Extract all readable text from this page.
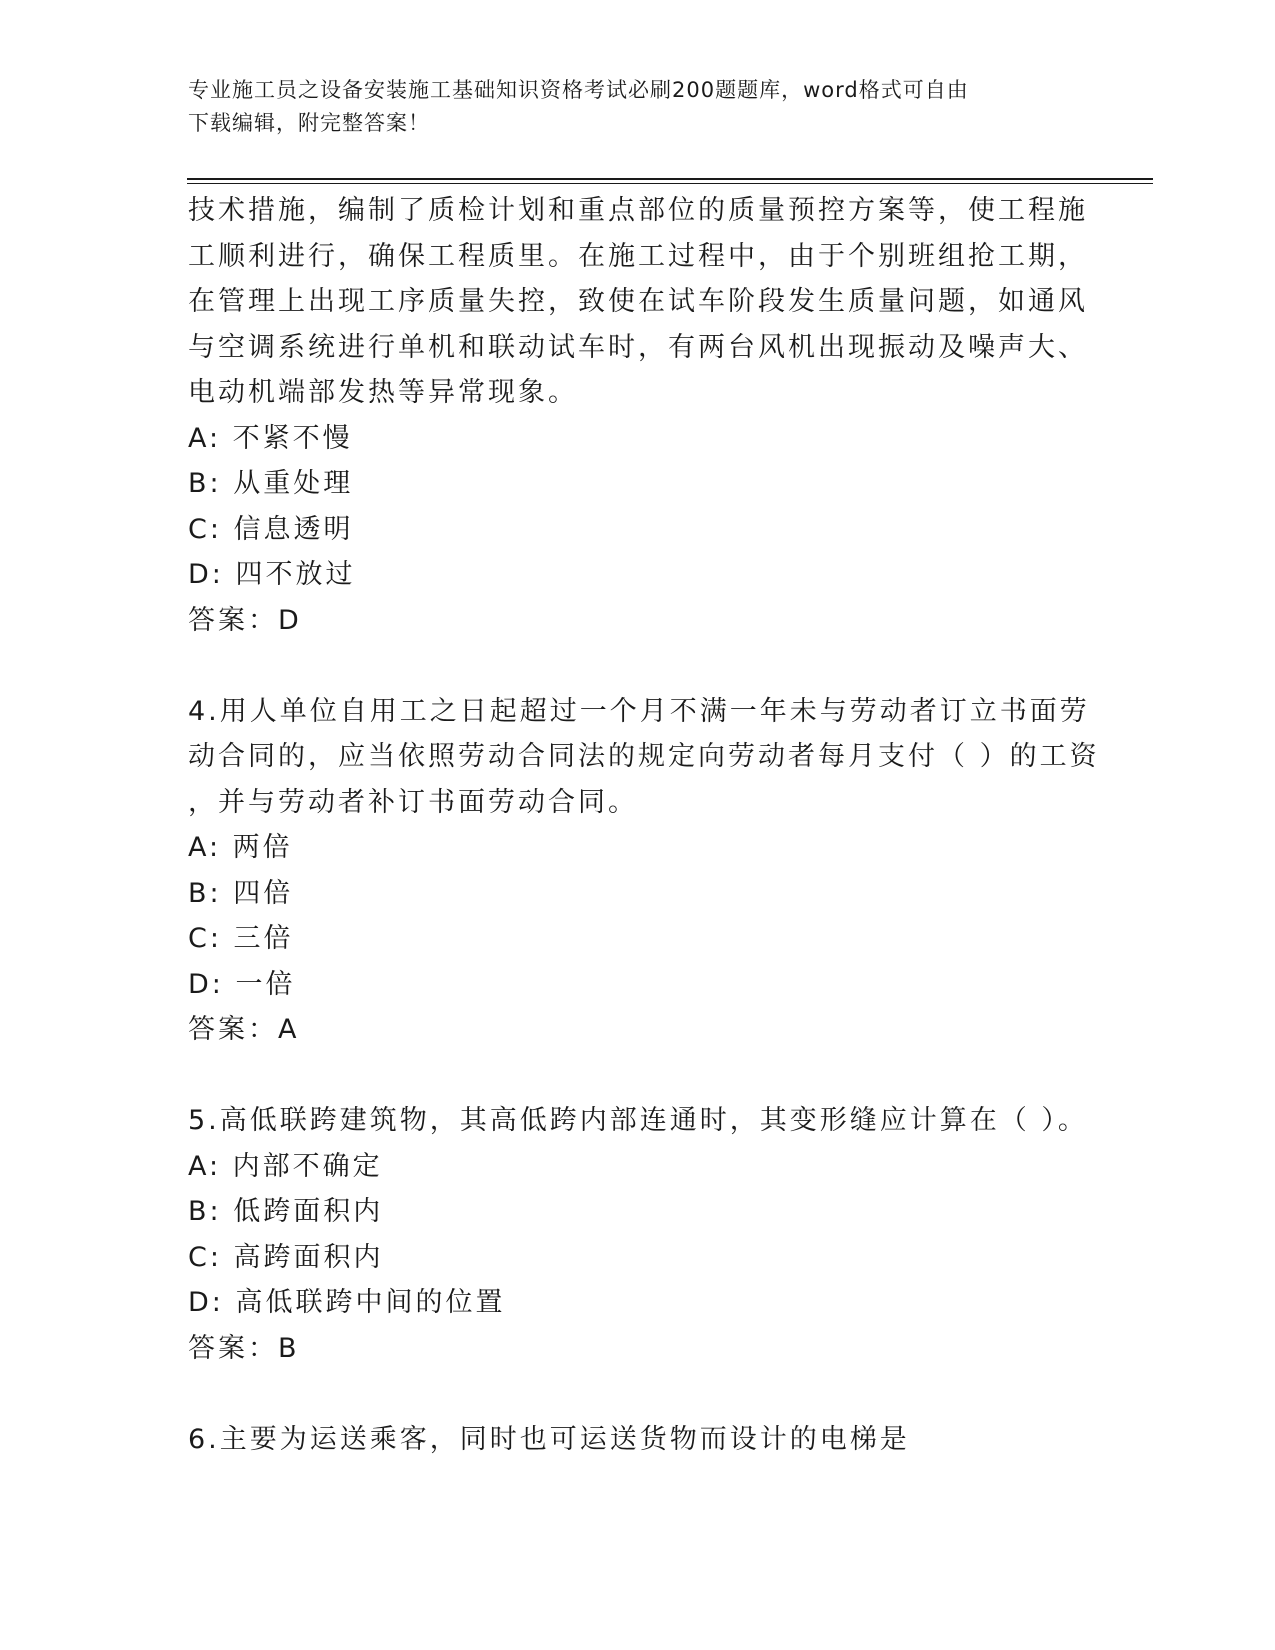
专业施工员之设备安装施工基础知识资格考试必刷200题题库，word格式可自由
下载编辑，附完整答案！
技术措施，编制了质检计划和重点部位的质量预控方案等，使工程施
工顺利进行，确保工程质里。在施工过程中，由于个别班组抢工期，
在管理上出现工序质量失控，致使在试车阶段发生质量问题，如通风
与空调系统进行单机和联动试车时，有两台风机出现振动及噪声大、
电动机端部发热等异常现象。
A: 不紧不慢
B: 从重处理
C: 信息透明
D: 四不放过
答案：D
4.用人单位自用工之日起超过一个月不满一年未与劳动者订立书面劳
动合同的，应当依照劳动合同法的规定向劳动者每月支付（ ）的工资
，并与劳动者补订书面劳动合同。
A: 两倍
B: 四倍
C: 三倍
D: 一倍
答案：A
5.高低联跨建筑物，其高低跨内部连通时，其变形缝应计算在（ ）。
A: 内部不确定
B: 低跨面积内
C: 高跨面积内
D: 高低联跨中间的位置
答案：B
6.主要为运送乘客，同时也可运送货物而设计的电梯是
